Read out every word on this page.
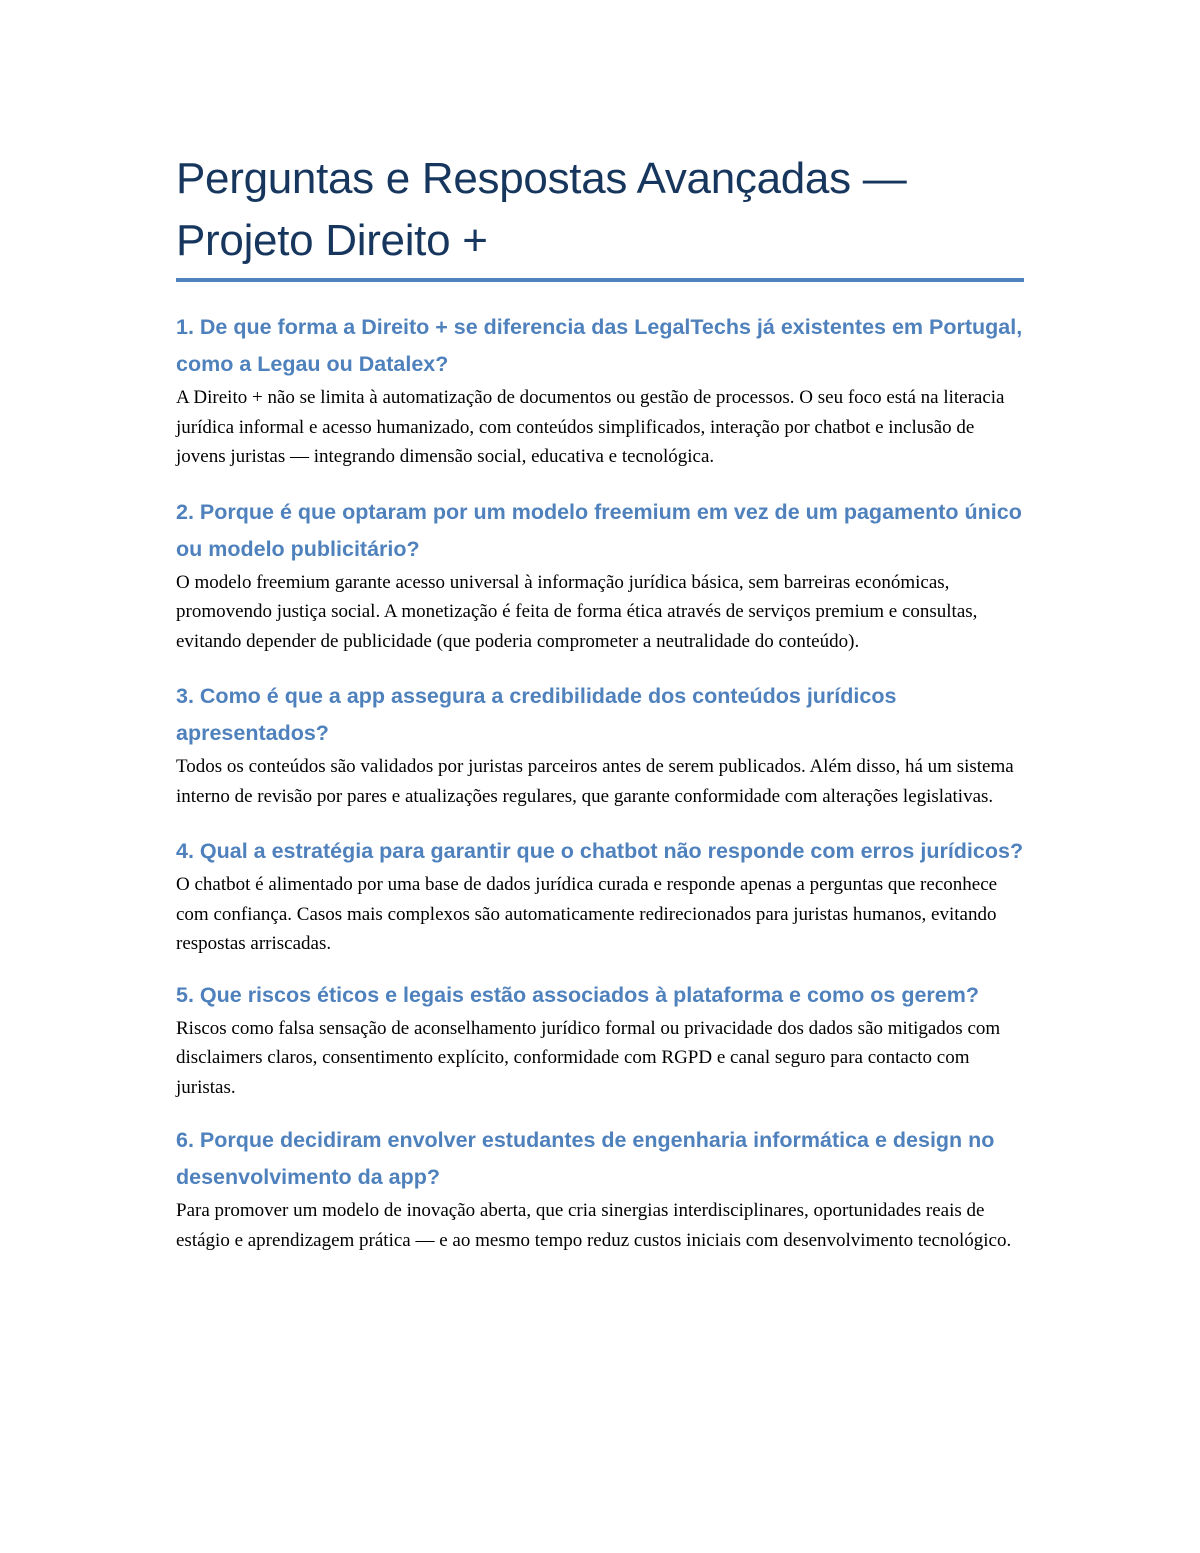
Perguntas e Respostas Avançadas — Projeto Direito +
1. De que forma a Direito + se diferencia das LegalTechs já existentes em Portugal, como a Legau ou Datalex?

A Direito + não se limita à automatização de documentos ou gestão de processos. O seu foco está na literacia jurídica informal e acesso humanizado, com conteúdos simplificados, interação por chatbot e inclusão de jovens juristas — integrando dimensão social, educativa e tecnológica.

2. Porque é que optaram por um modelo freemium em vez de um pagamento único ou modelo publicitário?

O modelo freemium garante acesso universal à informação jurídica básica, sem barreiras económicas, promovendo justiça social. A monetização é feita de forma ética através de serviços premium e consultas, evitando depender de publicidade (que poderia comprometer a neutralidade do conteúdo).

3. Como é que a app assegura a credibilidade dos conteúdos jurídicos apresentados?

Todos os conteúdos são validados por juristas parceiros antes de serem publicados. Além disso, há um sistema interno de revisão por pares e atualizações regulares, que garante conformidade com alterações legislativas.

4. Qual a estratégia para garantir que o chatbot não responde com erros jurídicos?

O chatbot é alimentado por uma base de dados jurídica curada e responde apenas a perguntas que reconhece com confiança. Casos mais complexos são automaticamente redirecionados para juristas humanos, evitando respostas arriscadas.

5. Que riscos éticos e legais estão associados à plataforma e como os gerem?

Riscos como falsa sensação de aconselhamento jurídico formal ou privacidade dos dados são mitigados com disclaimers claros, consentimento explícito, conformidade com RGPD e canal seguro para contacto com juristas.

6. Porque decidiram envolver estudantes de engenharia informática e design no desenvolvimento da app?

Para promover um modelo de inovação aberta, que cria sinergias interdisciplinares, oportunidades reais de estágio e aprendizagem prática — e ao mesmo tempo reduz custos iniciais com desenvolvimento tecnológico.
